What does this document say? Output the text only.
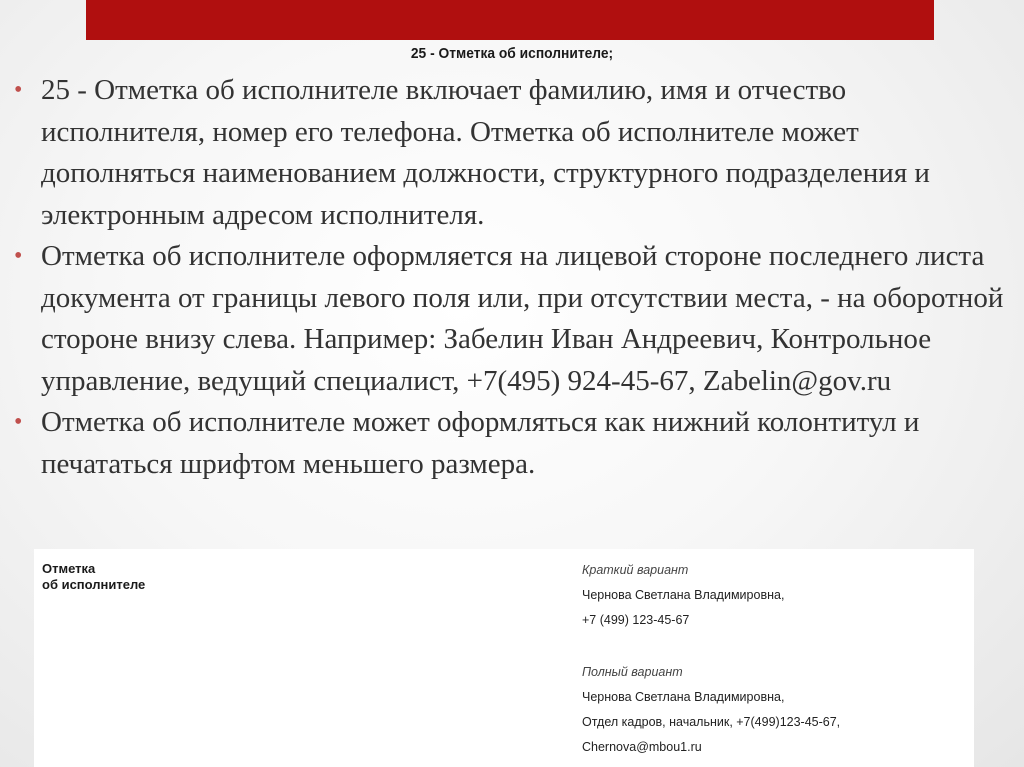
25 - Отметка об исполнителе;
• 25 - Отметка об исполнителе включает фамилию, имя и отчество исполнителя, номер его телефона. Отметка об исполнителе может дополняться наименованием должности, структурного подразделения и электронным адресом исполнителя.
• Отметка об исполнителе оформляется на лицевой стороне последнего листа документа от границы левого поля или, при отсутствии места, - на оборотной стороне внизу слева. Например: Забелин Иван Андреевич, Контрольное управление, ведущий специалист, +7(495) 924-45-67, Zabelin@gov.ru
• Отметка об исполнителе может оформляться как нижний колонтитул и печататься шрифтом меньшего размера.
Отметка
об исполнителе
Краткий вариант
Чернова Светлана Владимировна,
+7 (499) 123-45-67
Полный вариант
Чернова Светлана Владимировна,
Отдел кадров, начальник, +7(499)123-45-67,
Chernova@mbou1.ru
